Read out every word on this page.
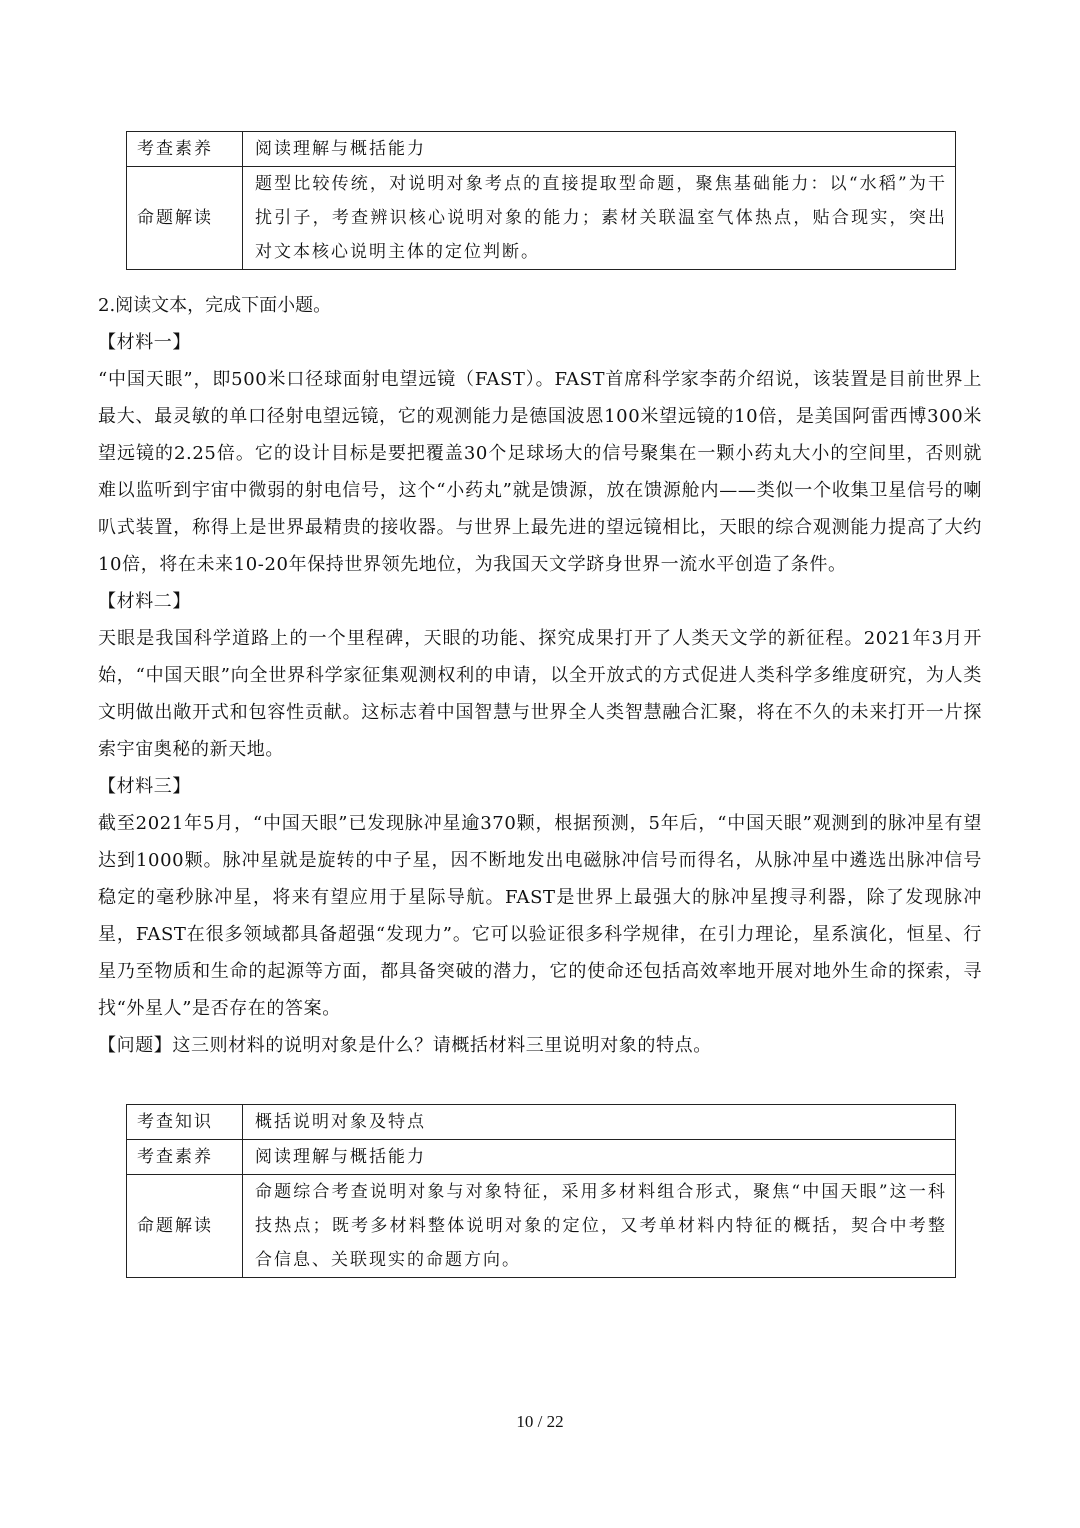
考查素养	阅读理解与概括能力
命题解读	题型比较传统，对说明对象考点的直接提取型命题，聚焦基础能力：以“水稻”为干扰引子，考查辨识核心说明对象的能力；素材关联温室气体热点，贴合现实，突出对文本核心说明主体的定位判断。
2.阅读文本，完成下面小题。

【材料一】

“中国天眼”，即500米口径球面射电望远镜（FAST）。FAST首席科学家李菂介绍说，该装置是目前世界上最大、最灵敏的单口径射电望远镜，它的观测能力是德国波恩100米望远镜的10倍，是美国阿雷西博300米望远镜的2.25倍。它的设计目标是要把覆盖30个足球场大的信号聚集在一颗小药丸大小的空间里，否则就难以监听到宇宙中微弱的射电信号，这个“小药丸”就是馈源，放在馈源舱内——类似一个收集卫星信号的喇叭式装置，称得上是世界最精贵的接收器。与世界上最先进的望远镜相比，天眼的综合观测能力提高了大约10倍，将在未来10-20年保持世界领先地位，为我国天文学跻身世界一流水平创造了条件。

【材料二】

天眼是我国科学道路上的一个里程碑，天眼的功能、探究成果打开了人类天文学的新征程。2021年3月开始，“中国天眼”向全世界科学家征集观测权利的申请，以全开放式的方式促进人类科学多维度研究，为人类文明做出敞开式和包容性贡献。这标志着中国智慧与世界全人类智慧融合汇聚，将在不久的未来打开一片探索宇宙奥秘的新天地。

【材料三】

截至2021年5月，“中国天眼”已发现脉冲星逾370颗，根据预测，5年后，“中国天眼”观测到的脉冲星有望达到1000颗。脉冲星就是旋转的中子星，因不断地发出电磁脉冲信号而得名，从脉冲星中遴选出脉冲信号稳定的毫秒脉冲星，将来有望应用于星际导航。FAST是世界上最强大的脉冲星搜寻利器，除了发现脉冲星，FAST在很多领域都具备超强“发现力”。它可以验证很多科学规律，在引力理论，星系演化，恒星、行星乃至物质和生命的起源等方面，都具备突破的潜力，它的使命还包括高效率地开展对地外生命的探索，寻找“外星人”是否存在的答案。

【问题】这三则材料的说明对象是什么？请概括材料三里说明对象的特点。

考查知识	概括说明对象及特点
考查素养	阅读理解与概括能力
命题解读	命题综合考查说明对象与对象特征，采用多材料组合形式，聚焦“中国天眼”这一科技热点；既考多材料整体说明对象的定位，又考单材料内特征的概括，契合中考整合信息、关联现实的命题方向。
10 / 22
